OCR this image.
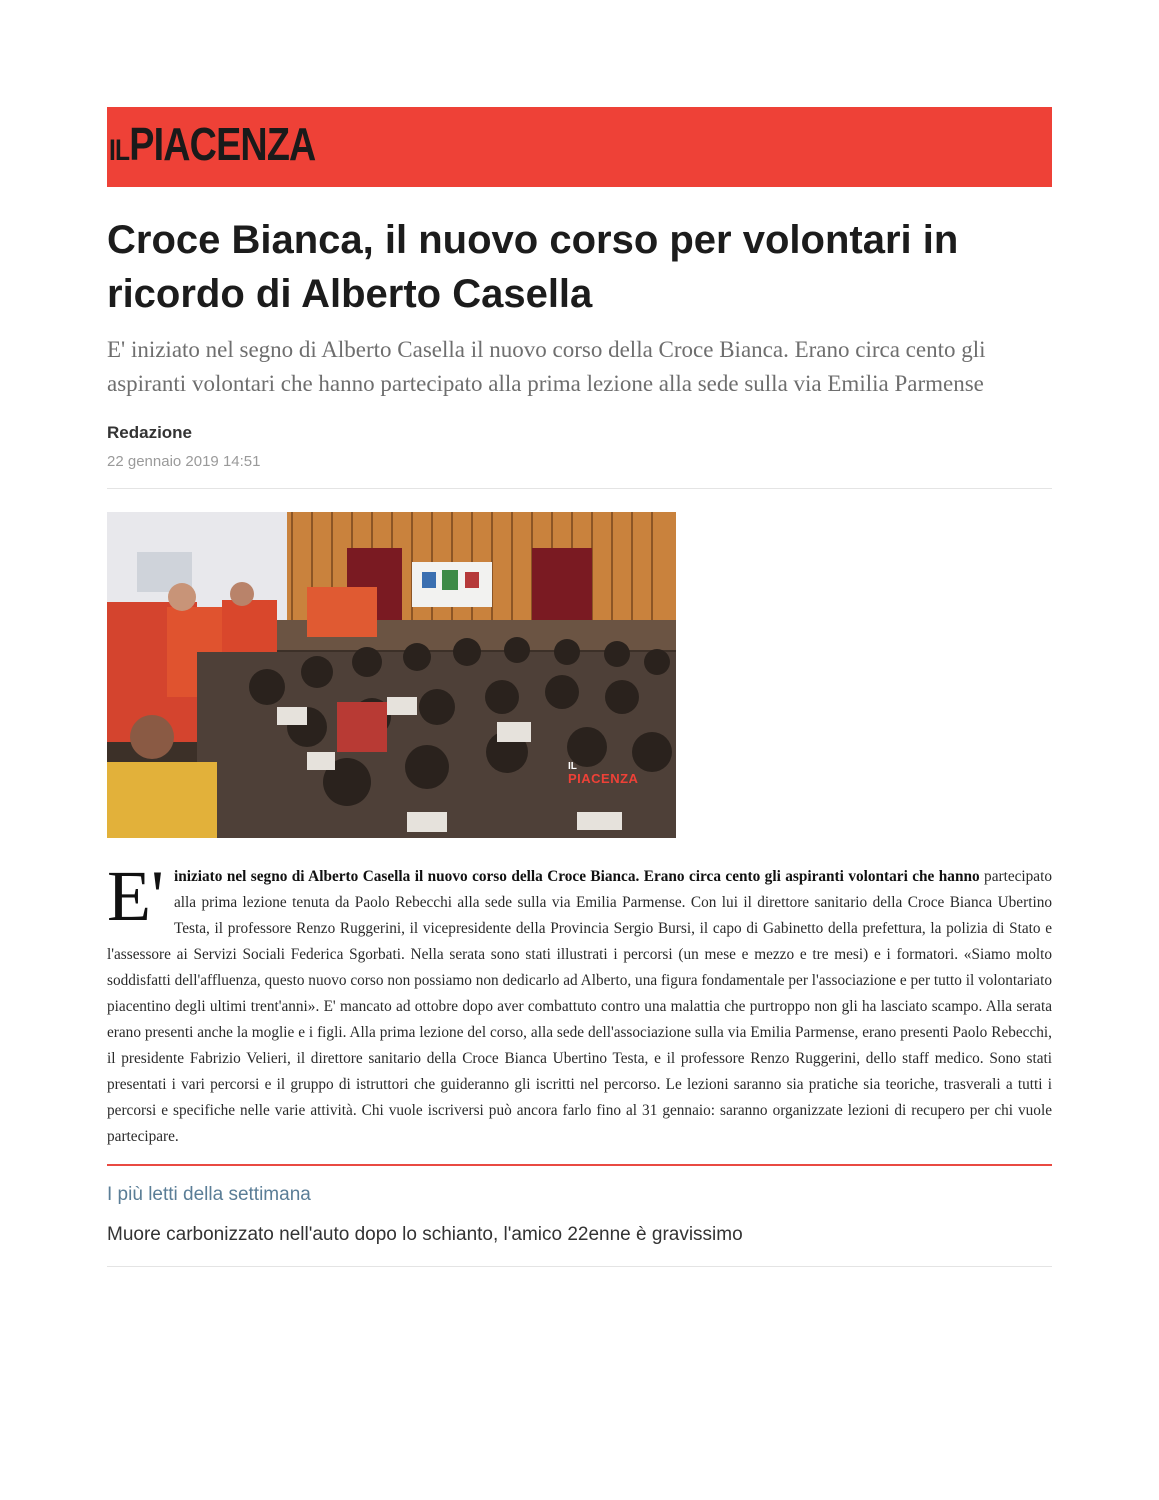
ILPIACENZA
Croce Bianca, il nuovo corso per volontari in ricordo di Alberto Casella

E' iniziato nel segno di Alberto Casella il nuovo corso della Croce Bianca. Erano circa cento gli aspiranti volontari che hanno partecipato alla prima lezione alla sede sulla via Emilia Parmense

Redazione
22 gennaio 2019 14:51
IL
PIACENZA
E' iniziato nel segno di Alberto Casella il nuovo corso della Croce Bianca. Erano circa cento gli aspiranti volontari che hanno partecipato alla prima lezione tenuta da Paolo Rebecchi alla sede sulla via Emilia Parmense. Con lui il direttore sanitario della Croce Bianca Ubertino Testa, il professore Renzo Ruggerini, il vicepresidente della Provincia Sergio Bursi, il capo di Gabinetto della prefettura, la polizia di Stato e l'assessore ai Servizi Sociali Federica Sgorbati. Nella serata sono stati illustrati i percorsi (un mese e mezzo e tre mesi) e i formatori. «Siamo molto soddisfatti dell'affluenza, questo nuovo corso non possiamo non dedicarlo ad Alberto, una figura fondamentale per l'associazione e per tutto il volontariato piacentino degli ultimi trent'anni». E' mancato ad ottobre dopo aver combattuto contro una malattia che purtroppo non gli ha lasciato scampo. Alla serata erano presenti anche la moglie e i figli. Alla prima lezione del corso, alla sede dell'associazione sulla via Emilia Parmense, erano presenti Paolo Rebecchi, il presidente Fabrizio Velieri, il direttore sanitario della Croce Bianca Ubertino Testa, e il professore Renzo Ruggerini, dello staff medico. Sono stati presentati i vari percorsi e il gruppo di istruttori che guideranno gli iscritti nel percorso. Le lezioni saranno sia pratiche sia teoriche, trasverali a tutti i percorsi e specifiche nelle varie attività. Chi vuole iscriversi può ancora farlo fino al 31 gennaio: saranno organizzate lezioni di recupero per chi vuole partecipare.
I più letti della settimana
Muore carbonizzato nell'auto dopo lo schianto, l'amico 22enne è gravissimo
